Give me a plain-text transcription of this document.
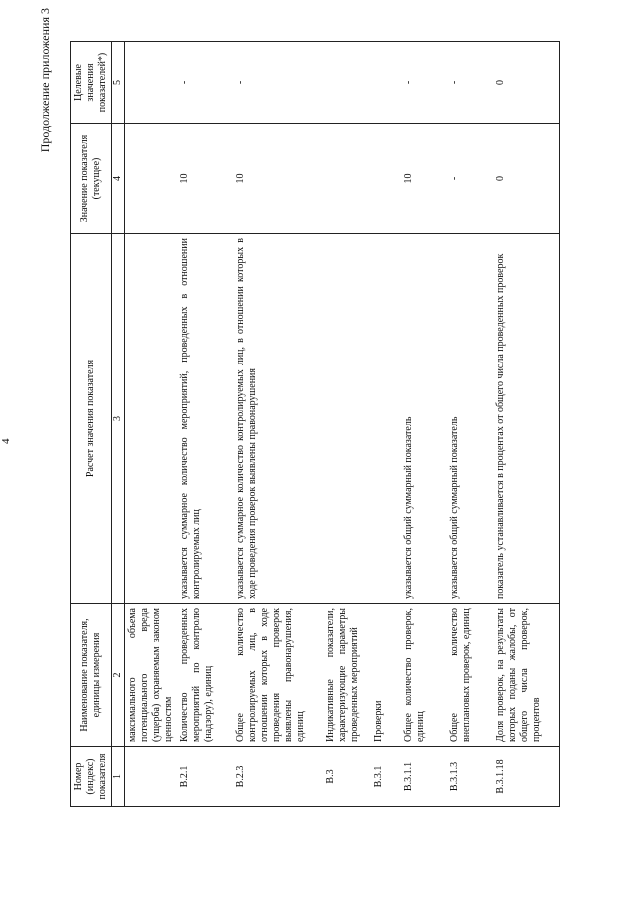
4
Продолжение приложения 3
Номер (индекс) показателя	Наименование показателя, единицы измерения	Расчет значения показателя	Значение показателя (текущее)	Целевые значения показателей*)
1	2	3	4	5
	максимального объема потенциального вреда (ущерба) охраняемым законом ценностям			
В.2.1	Количество проведенных мероприятий по контролю (надзору), единиц	указывается суммарное количество мероприятий, проведенных в отношении контролируемых лиц	10	-
В.2.3	Общее количество контролируемых лиц, в отношении которых в ходе проведения проверок выявлены правонарушения, единиц	указывается суммарное количество контролируемых лиц, в отношении которых в ходе проведения проверок выявлены правонарушения	10	-
В.3	Индикативные показатели, характеризующие параметры проведенных мероприятий			
В.3.1	Проверки			
В.3.1.1	Общее количество проверок, единиц	указывается общий суммарный показатель	10	-
В.3.1.3	Общее количество внеплановых проверок, единиц	указывается общий суммарный показатель	-	-
В.3.1.18	Доля проверок, на результаты которых поданы жалобы, от общего числа проверок, процентов	показатель устанавливается в процентах от общего числа проведенных проверок	0	0
